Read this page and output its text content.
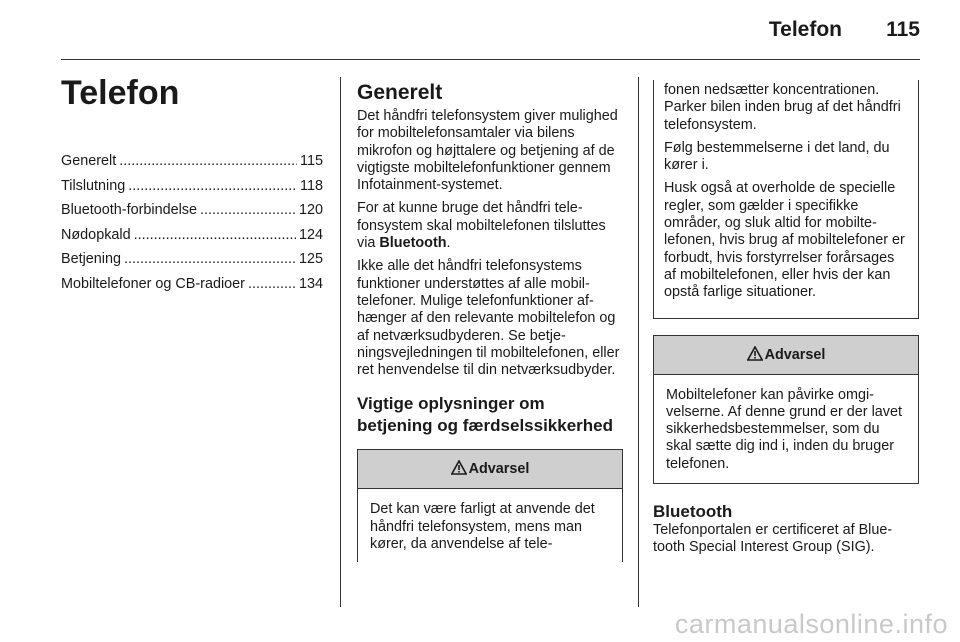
Telefon 115
Telefon
Generelt .....	115
Tilslutning .....	118
Bluetooth-forbindelse .....	120
Nødopkald .....	124
Betjening .....	125
Mobiltelefoner og CB-radioer .....	134
Generelt

Det håndfri telefonsystem giver mulighed for mobiltelefonsamtaler via bilens mikrofon og højttalere og betjening af de vigtigste mobiltelefonfunktioner gennem Infotainment-systemet.

For at kunne bruge det håndfri telefonsystem skal mobiltelefonen tilsluttes via Bluetooth.

Ikke alle det håndfri telefonsystems funktioner understøttes af alle mobiltelefoner. Mulige telefonfunktioner afhænger af den relevante mobiltelefon og af netværksudbyderen. Se betjeningsvejledningen til mobiltelefonen, eller ret henvendelse til din netværksudbyder.

Vigtige oplysninger om betjening og færdselssikkerhed
Advarsel

Det kan være farligt at anvende det håndfri telefonsystem, mens man kører, da anvendelse af tele-

fonen nedsætter koncentrationen. Parker bilen inden brug af det håndfri telefonsystem.

Følg bestemmelserne i det land, du kører i.

Husk også at overholde de specielle regler, som gælder i specifikke områder, og sluk altid for mobiltelefonen, hvis brug af mobiltelefoner er forbudt, hvis forstyrrelser forårsages af mobiltelefonen, eller hvis der kan opstå farlige situationer.

Advarsel

Mobiltelefoner kan påvirke omgivelserne. Af denne grund er der lavet sikkerhedsbestemmelser, som du skal sætte dig ind i, inden du bruger telefonen.

Bluetooth

Telefonportalen er certificeret af Bluetooth Special Interest Group (SIG).

carmanualsonline.info
